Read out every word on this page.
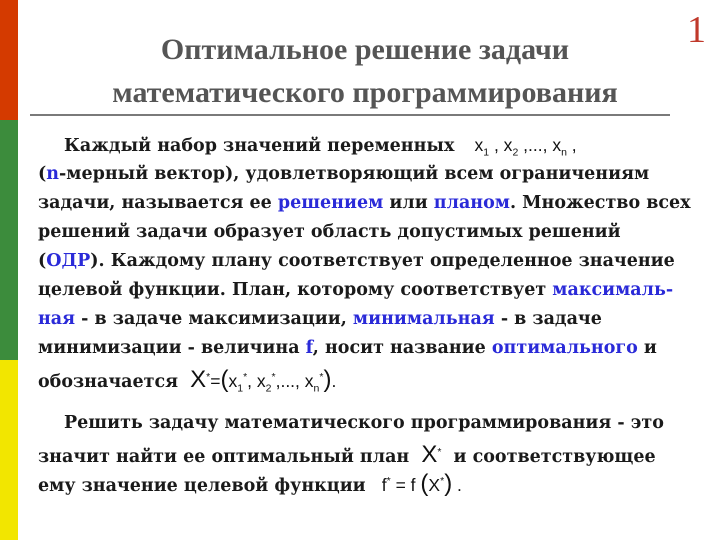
1
Оптимальное решение задачи
математического программирования
Каждый набор значений переменных $x_1$ , $x_2$ ,..., $x_n$ ,
(n-мерный вектор), удовлетворяющий всем ограничениям
задачи, называется ее решением или планом. Множество всех
решений задачи образует область допустимых решений
(ОДР). Каждому плану соответствует определенное значение
целевой функции. План, которому соответствует максималь-
ная - в задаче максимизации, минимальная - в задаче
минимизации - величина f, носит название оптимального и
обозначается $X^*=(x_1^*$, $x_2^*$,..., $x_n^*$).
Решить задачу математического программирования - это
значит найти ее оптимальный план X* и соответствующее
ему значение целевой функции f* = f (X*) .
